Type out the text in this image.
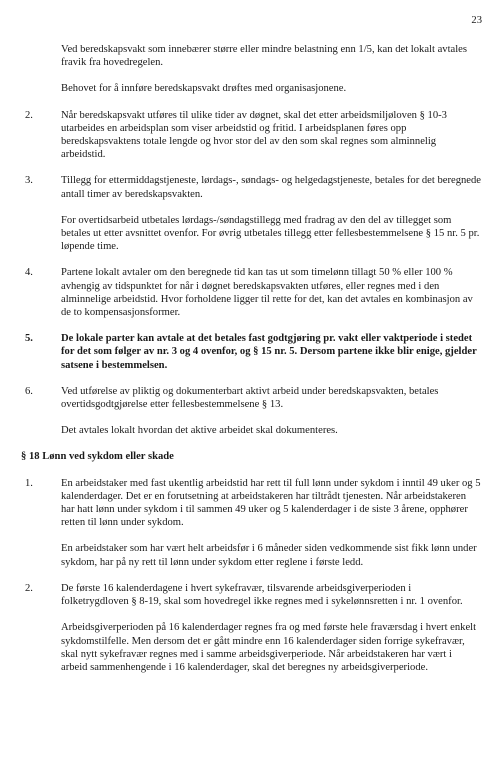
23

Ved beredskapsvakt som innebærer større eller mindre belastning enn 1/5, kan det lokalt avtales fravik fra hovedregelen.

Behovet for å innføre beredskapsvakt drøftes med organisasjonene.

2.	Når beredskapsvakt utføres til ulike tider av døgnet, skal det etter arbeidsmiljøloven § 10-3 utarbeides en arbeidsplan som viser arbeidstid og fritid. I arbeidsplanen føres opp beredskapsvaktens totale lengde og hvor stor del av den som skal regnes som alminnelig arbeidstid.
3.	Tillegg for ettermiddagstjeneste, lørdags-, søndags- og helgedagstjeneste, betales for det beregnede antall timer av beredskapsvakten.

For overtidsarbeid utbetales lørdags-/søndagstillegg med fradrag av den del av tillegget som betales ut etter avsnittet ovenfor. For øvrig utbetales tillegg etter fellesbestemmelsene § 15 nr. 5 pr. løpende time.

4.	Partene lokalt avtaler om den beregnede tid kan tas ut som timelønn tillagt 50 % eller 100 % avhengig av tidspunktet for når i døgnet beredskapsvakten utføres, eller regnes med i den alminnelige arbeidstid. Hvor forholdene ligger til rette for det, kan det avtales en kombinasjon av de to kompensasjonsformer.
5.	De lokale parter kan avtale at det betales fast godtgjøring pr. vakt eller vaktperiode i stedet for det som følger av nr. 3 og 4 ovenfor, og § 15 nr. 5. Dersom partene ikke blir enige, gjelder satsene i bestemmelsen.
6.	Ved utførelse av pliktig og dokumenterbart aktivt arbeid under beredskapsvakten, betales overtidsgodtgjørelse etter fellesbestemmelsene § 13.

Det avtales lokalt hvordan det aktive arbeidet skal dokumenteres.

§ 18 Lønn ved sykdom eller skade
1.	En arbeidstaker med fast ukentlig arbeidstid har rett til full lønn under sykdom i inntil 49 uker og 5 kalenderdager. Det er en forutsetning at arbeidstakeren har tiltrådt tjenesten. Når arbeidstakeren har hatt lønn under sykdom i til sammen 49 uker og 5 kalenderdager i de siste 3 årene, opphører retten til lønn under sykdom.

En arbeidstaker som har vært helt arbeidsfør i 6 måneder siden vedkommende sist fikk lønn under sykdom, har på ny rett til lønn under sykdom etter reglene i første ledd.

2.	De første 16 kalenderdagene i hvert sykefravær, tilsvarende arbeidsgiverperioden i folketrygdloven § 8-19, skal som hovedregel ikke regnes med i sykelønnsretten i nr. 1 ovenfor.

Arbeidsgiverperioden på 16 kalenderdager regnes fra og med første hele fraværsdag i hvert enkelt sykdomstilfelle. Men dersom det er gått mindre enn 16 kalenderdager siden forrige sykefravær, skal nytt sykefravær regnes med i samme arbeidsgiverperiode. Når arbeidstakeren har vært i arbeid sammenhengende i 16 kalenderdager, skal det beregnes ny arbeidsgiverperiode.
